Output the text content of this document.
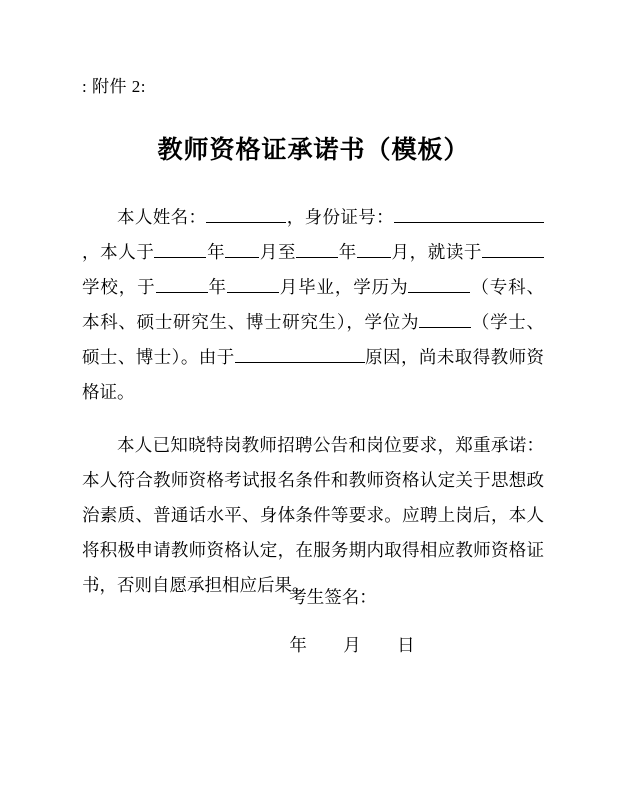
: 附件 2:
教师资格证承诺书（模板）

本人姓名：	，身份证号：，本人于	年 月至 年 月，就读于学校，于	年	月毕业，学历为	（专科、本科、硕士研究生、博士研究生），学位为	（学士、硕士、博士）。由于	原因，尚未取得教师资格证。

本人已知晓特岗教师招聘公告和岗位要求，郑重承诺：本人符合教师资格考试报名条件和教师资格认定关于思想政治素质、普通话水平、身体条件等要求。应聘上岗后，本人将积极申请教师资格认定，在服务期内取得相应教师资格证书，否则自愿承担相应后果。

考生签名：
年 月 日
